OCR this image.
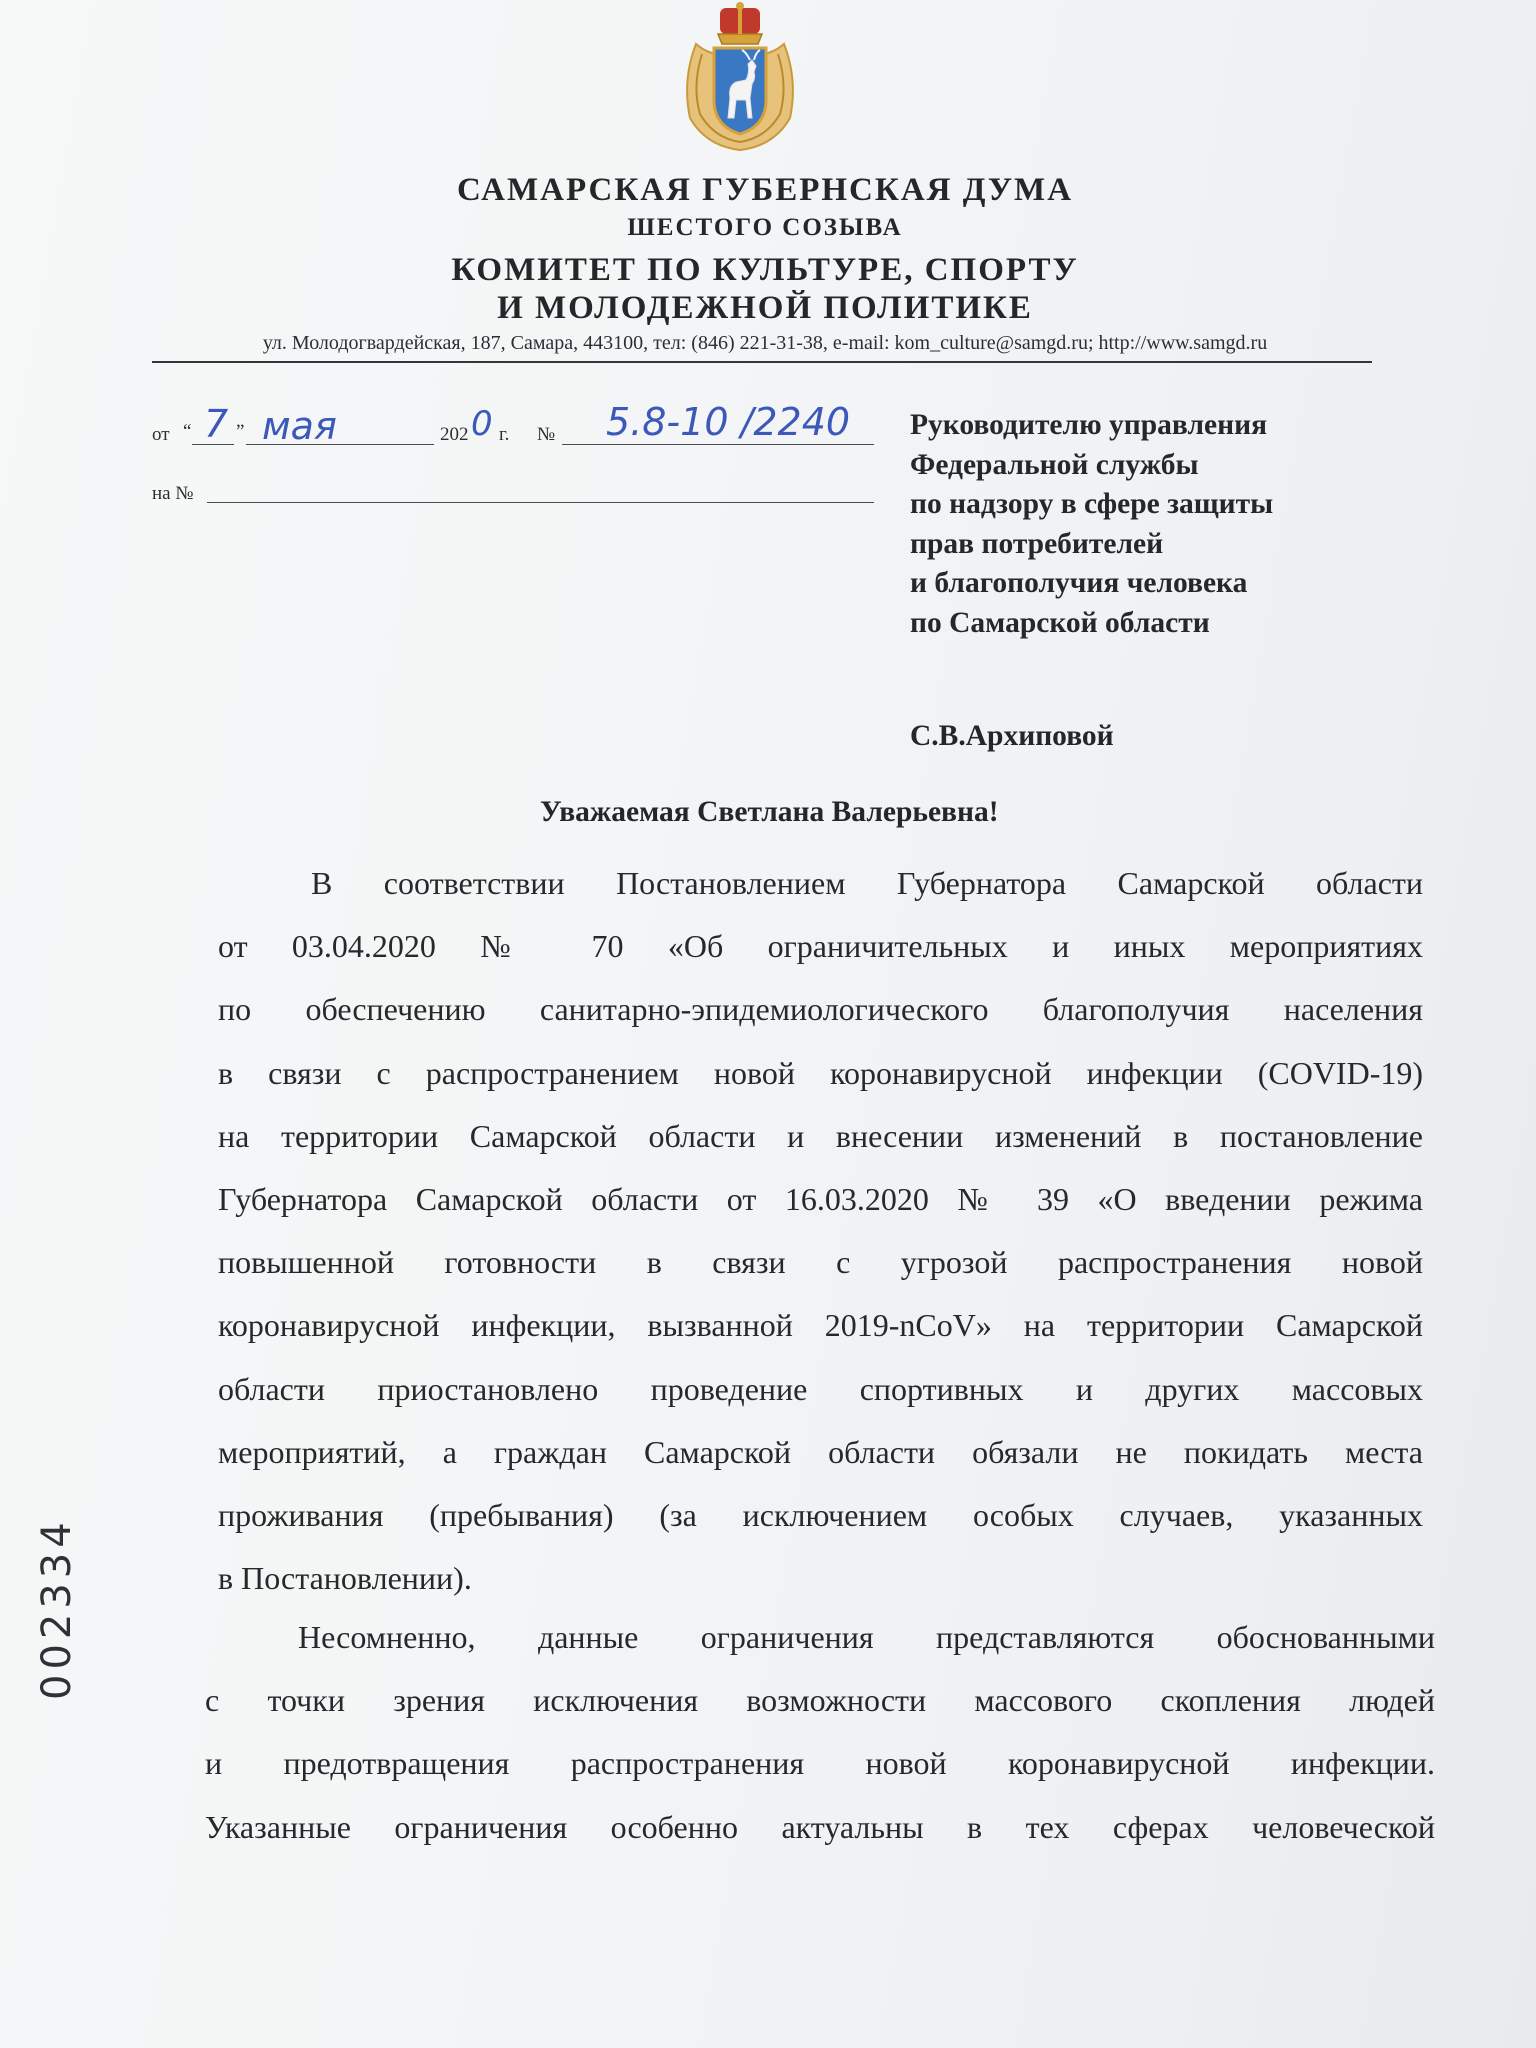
САМАРСКАЯ ГУБЕРНСКАЯ ДУМА
ШЕСТОГО СОЗЫВА
КОМИТЕТ ПО КУЛЬТУРЕ, СПОРТУ
И МОЛОДЕЖНОЙ ПОЛИТИКЕ
ул. Молодогвардейская, 187, Самара, 443100, тел: (846) 221-31-38, e-mail: kom_culture@samgd.ru; http://www.samgd.ru
от “ 7 ” мая	202 0 г. № 5.8-10 /2240
на №
Руководителю управления
Федеральной службы
по надзору в сфере защиты
прав потребителей
и благополучия человека
по Самарской области
С.В.Архиповой
Уважаемая Светлана Валерьевна!
В соответствии Постановлением Губернатора Самарской области
от 03.04.2020 № 70 «Об ограничительных и иных мероприятиях
по обеспечению санитарно-эпидемиологического благополучия населения
в связи с распространением новой коронавирусной инфекции (COVID-19)
на территории Самарской области и внесении изменений в постановление
Губернатора Самарской области от 16.03.2020 № 39 «О введении режима
повышенной готовности в связи с угрозой распространения новой
коронавирусной инфекции, вызванной 2019-nCoV» на территории Самарской
области приостановлено проведение спортивных и других массовых
мероприятий, а граждан Самарской области обязали не покидать места
проживания (пребывания) (за исключением особых случаев, указанных
в Постановлении).
Несомненно, данные ограничения представляются обоснованными
с точки зрения исключения возможности массового скопления людей
и предотвращения распространения новой коронавирусной инфекции.
Указанные ограничения особенно актуальны в тех сферах человеческой
002334
